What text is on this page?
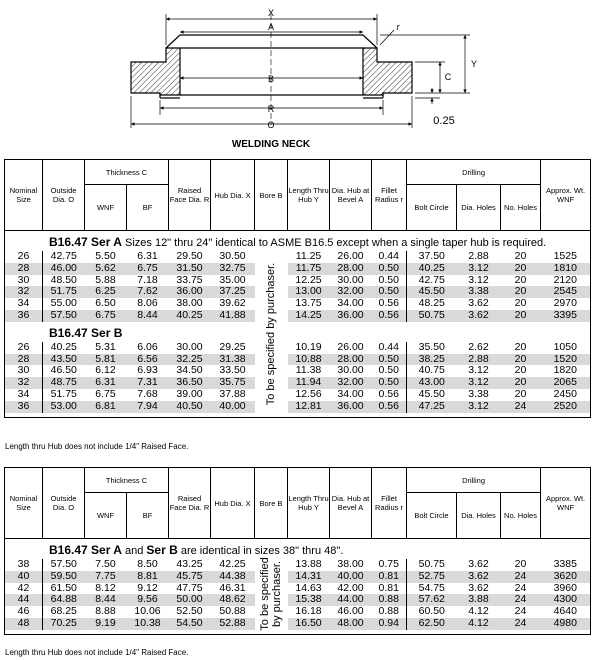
X
A
B
R
O
Y
C
r
0.25
WELDING NECK
Nominal Size	Outside Dia. O	Thickness C		Raised Face Dia. R	Hub Dia. X	Bore B	Length Thru Hub Y	Dia. Hub at Bevel A	Fillet Radius r	Drilling			Approx. Wt. WNF
		WNF	BF							Bolt Circle	Dia. Holes	No. Holes	

B16.47 Ser A Sizes 12" thru 24" identical to ASME B16.5 except when a single taper hub is required.													
26	42.75	5.50	6.31	29.50	30.50	To be specified by purchaser.	11.25	26.00	0.44	37.50	2.88	20	1525
28	46.00	5.62	6.75	31.50	32.75		11.75	28.00	0.50	40.25	3.12	20	1810
30	48.50	5.88	7.18	33.75	35.00		12.25	30.00	0.50	42.75	3.12	20	2120
32	51.75	6.25	7.62	36.00	37.25		13.00	32.00	0.50	45.50	3.38	20	2545
34	55.00	6.50	8.06	38.00	39.62		13.75	34.00	0.56	48.25	3.62	20	2970
36	57.50	6.75	8.44	40.25	41.88		14.25	36.00	0.56	50.75	3.62	20	3395

B16.47 Ser B													
26	40.25	5.31	6.06	30.00	29.25		10.19	26.00	0.44	35.50	2.62	20	1050
28	43.50	5.81	6.56	32.25	31.38		10.88	28.00	0.50	38.25	2.88	20	1520
30	46.50	6.12	6.93	34.50	33.50		11.38	30.00	0.50	40.75	3.12	20	1820
32	48.75	6.31	7.31	36.50	35.75		11.94	32.00	0.50	43.00	3.12	20	2065
34	51.75	6.75	7.68	39.00	37.88		12.56	34.00	0.56	45.50	3.38	20	2450
36	53.00	6.81	7.94	40.50	40.00		12.81	36.00	0.56	47.25	3.12	24	2520

Length thru Hub does not include 1/4" Raised Face.
Nominal Size	Outside Dia. O	Thickness C		Raised Face Dia. R	Hub Dia. X	Bore B	Length Thru Hub Y	Dia. Hub at Bevel A	Fillet Radius r	Drilling			Approx. Wt. WNF
		WNF	BF							Bolt Circle	Dia. Holes	No. Holes	

B16.47 Ser A and Ser B are identical in sizes 38" thru 48".													
38	57.50	7.50	8.50	43.25	42.25	To be specified by purchaser.	13.88	38.00	0.75	50.75	3.62	20	3385
40	59.50	7.75	8.81	45.75	44.38		14.31	40.00	0.81	52.75	3.62	24	3620
42	61.50	8.12	9.12	47.75	46.31		14.63	42.00	0.81	54.75	3.62	24	3960
44	64.88	8.44	9.56	50.00	48.62		15.38	44.00	0.88	57.62	3.88	24	4300
46	68.25	8.88	10.06	52.50	50.88		16.18	46.00	0.88	60.50	4.12	24	4640
48	70.25	9.19	10.38	54.50	52.88		16.50	48.00	0.94	62.50	4.12	24	4980

Length thru Hub does not include 1/4" Raised Face.
